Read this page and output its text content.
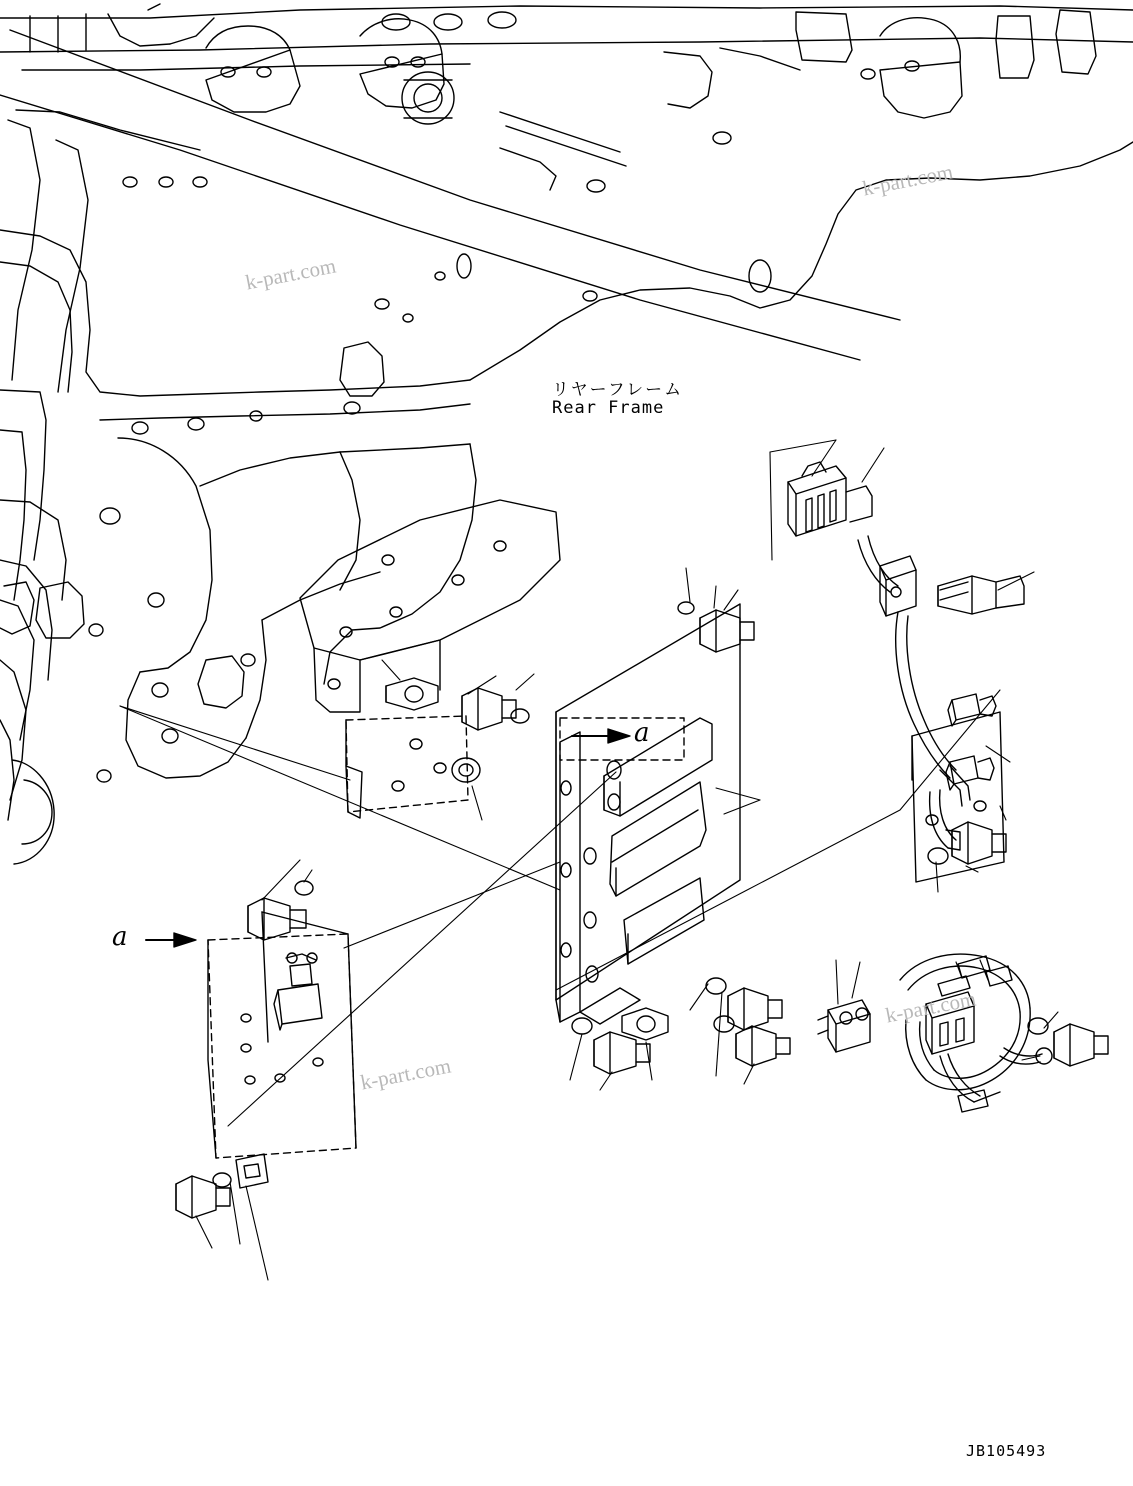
リヤーフレーム
Rear Frame
a
a
JB105493
k-part.com
k-part.com
k-part.com
k-part.com
